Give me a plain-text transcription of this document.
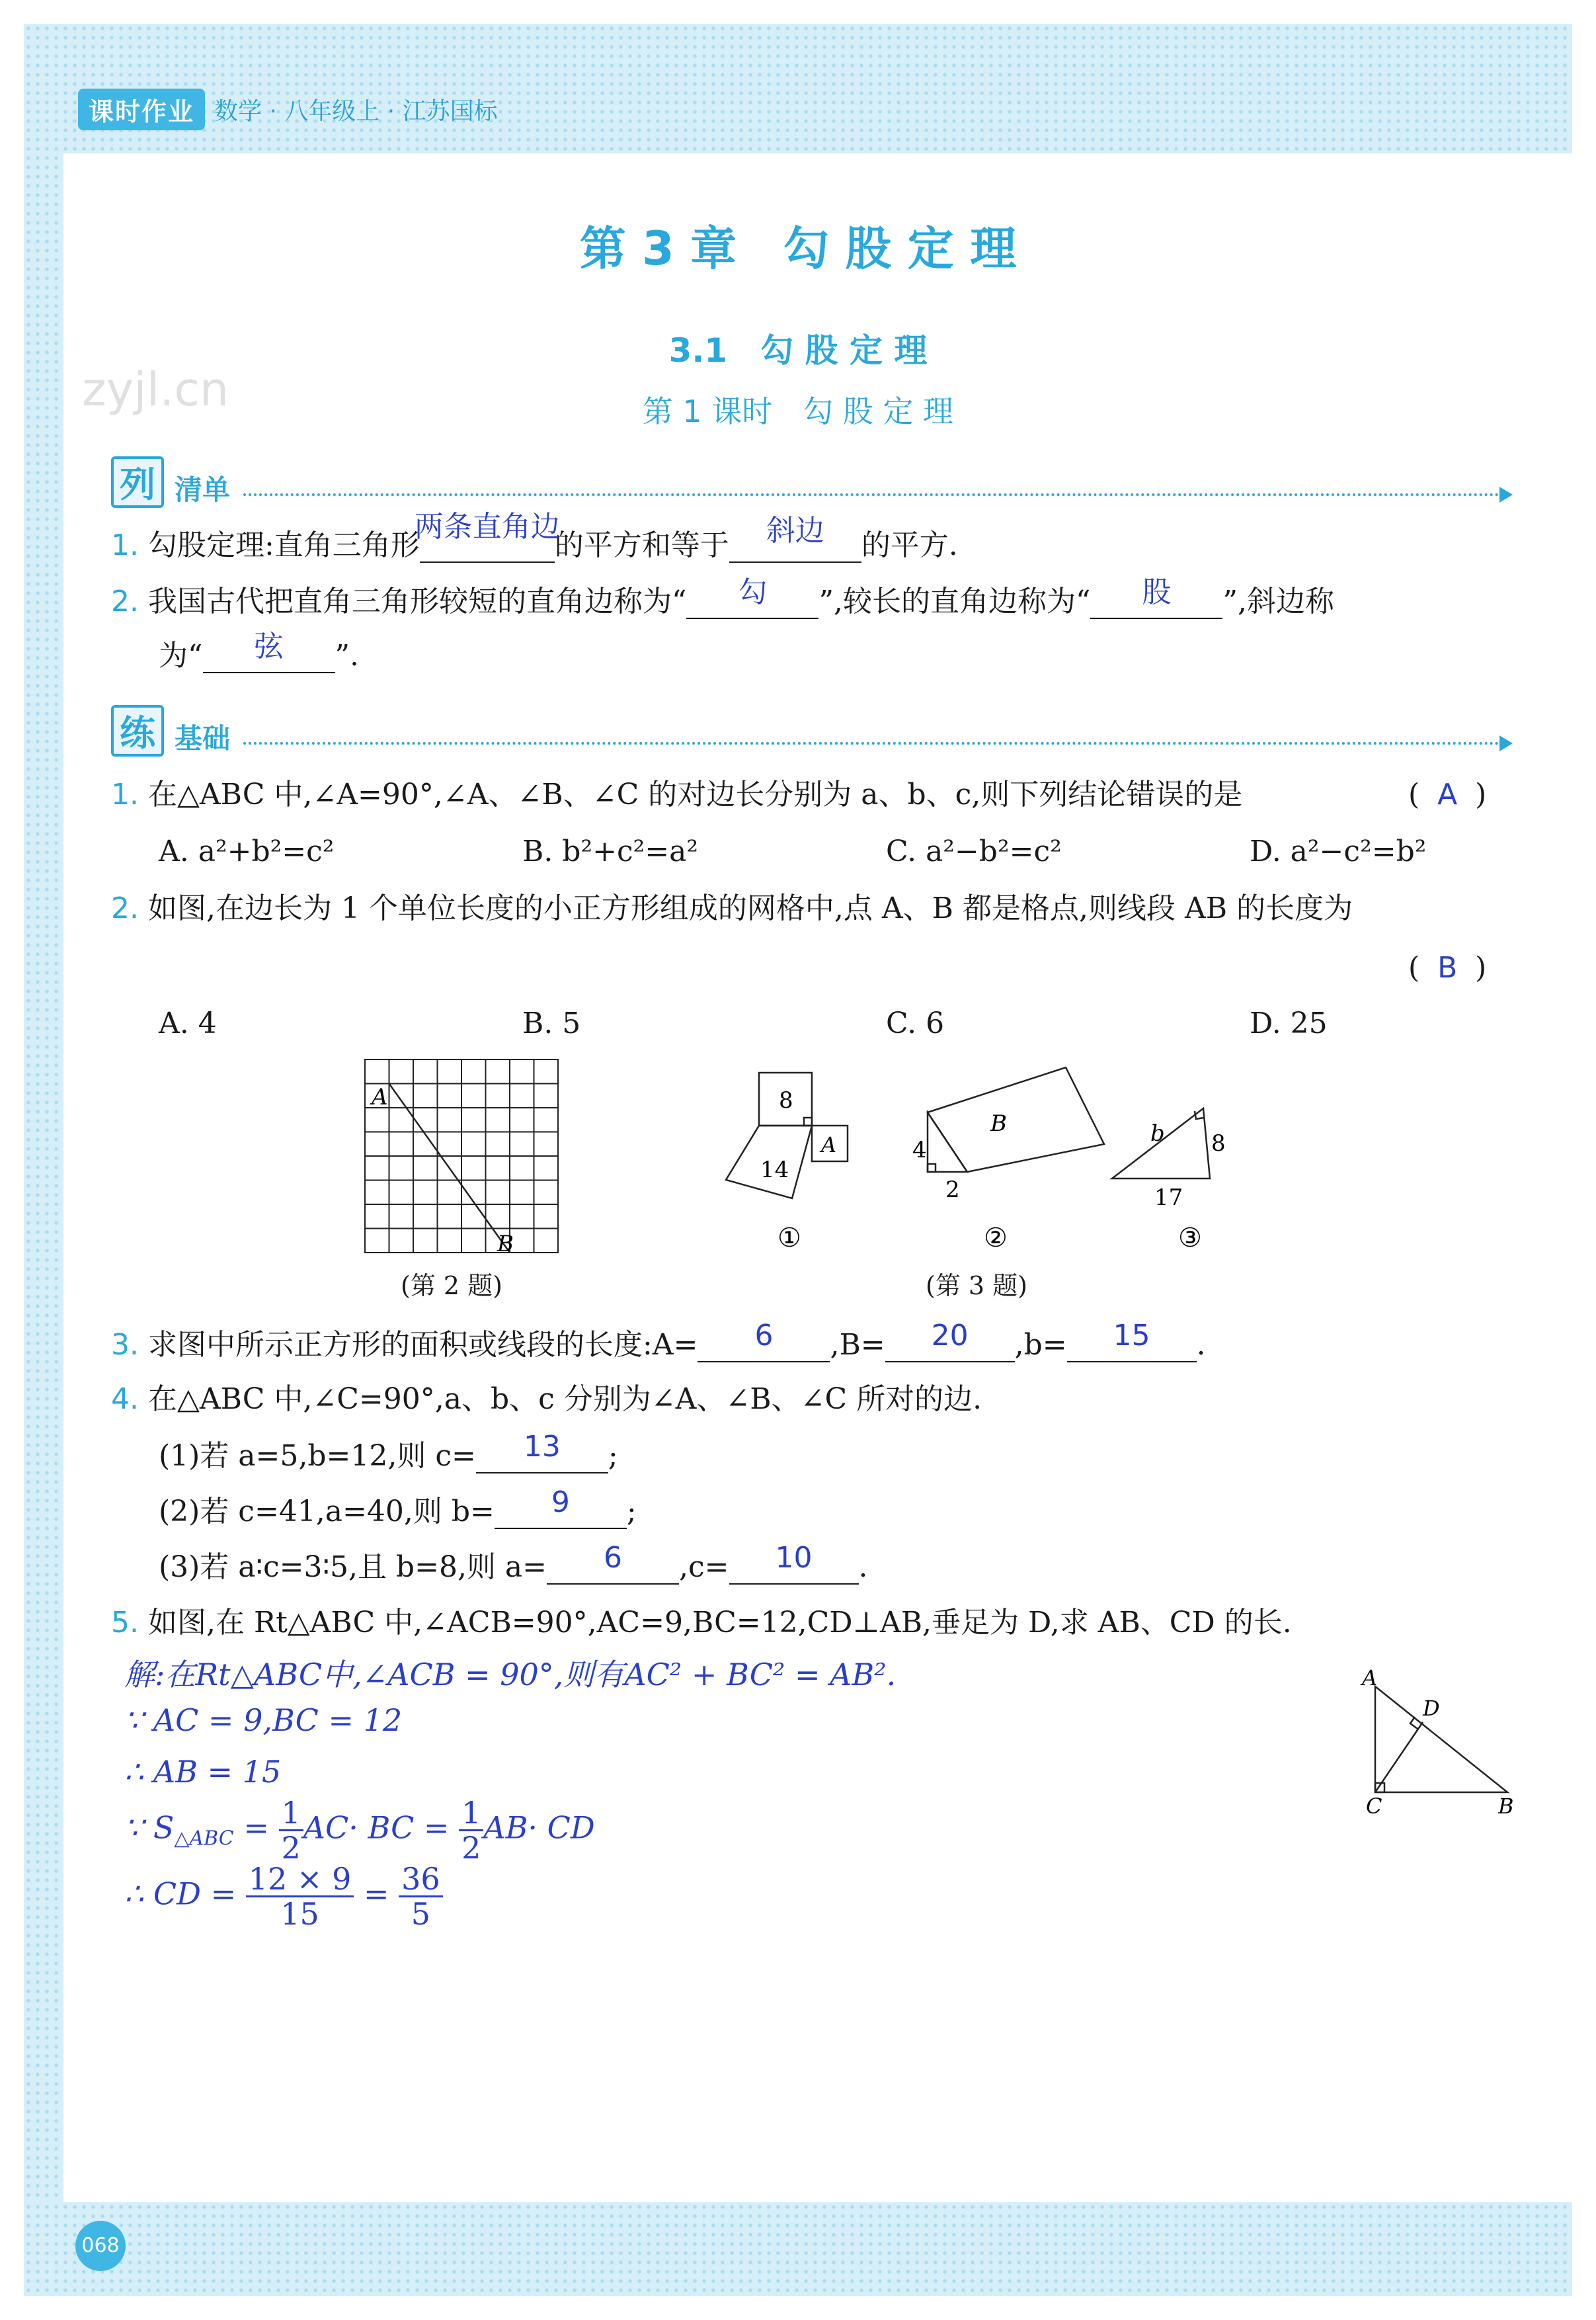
课时作业 数学 · 八年级上 · 江苏国标
zyjl.cn
第 3 章　勾 股 定 理
3.1　勾 股 定 理
第 1 课时　勾 股 定 理
列 清单
1. 勾股定理:直角三角形
两条直角边
的平方和等于	斜边	的平方.
2. 我国古代把直角三角形较短的直角边称为“	勾	”,较长的直角边称为“	股	”,斜边称
为“	弦	”.
练 基础
1. 在△ABC 中,∠A=90°,∠A、∠B、∠C 的对边长分别为 a、b、c,则下列结论错误的是	( A )
A. a²+b²=c²	B. b²+c²=a²	C. a²−b²=c²	D. a²−c²=b²
2. 如图,在边长为 1 个单位长度的小正方形组成的网格中,点 A、B 都是格点,则线段 AB 的长度为
( B )
A. 4	B. 5	C. 6	D. 25
A
B
(第 2 题)
8
A
14
①
4
2
B
②
b 8
17
③
(第 3 题)
3. 求图中所示正方形的面积或线段的长度:A=	6	,B=	20	,b=	15	.
4. 在△ABC 中,∠C=90°,a、b、c 分别为∠A、∠B、∠C 所对的边.
(1)若 a=5,b=12,则 c=	13	;
(2)若 c=41,a=40,则 b=	9	;
(3)若 a∶c=3∶5,且 b=8,则 a=	6	,c=	10	.
5. 如图,在 Rt△ABC 中,∠ACB=90°,AC=9,BC=12,CD⊥AB,垂足为 D,求 AB、CD 的长.
A
D
C	B
解:在Rt△ABC中,∠ACB = 90°,则有AC² + BC² = AB².
∵ AC = 9,BC = 12
∴ AB = 15
∵ $S_{\triangle ABC} = \frac{1}{2} AC\cdot$ BC = $\frac{1}{2} AB\cdot$ CD
∴ CD = $\frac{12 \times 9}{15} = \frac{36}{5}$
068
